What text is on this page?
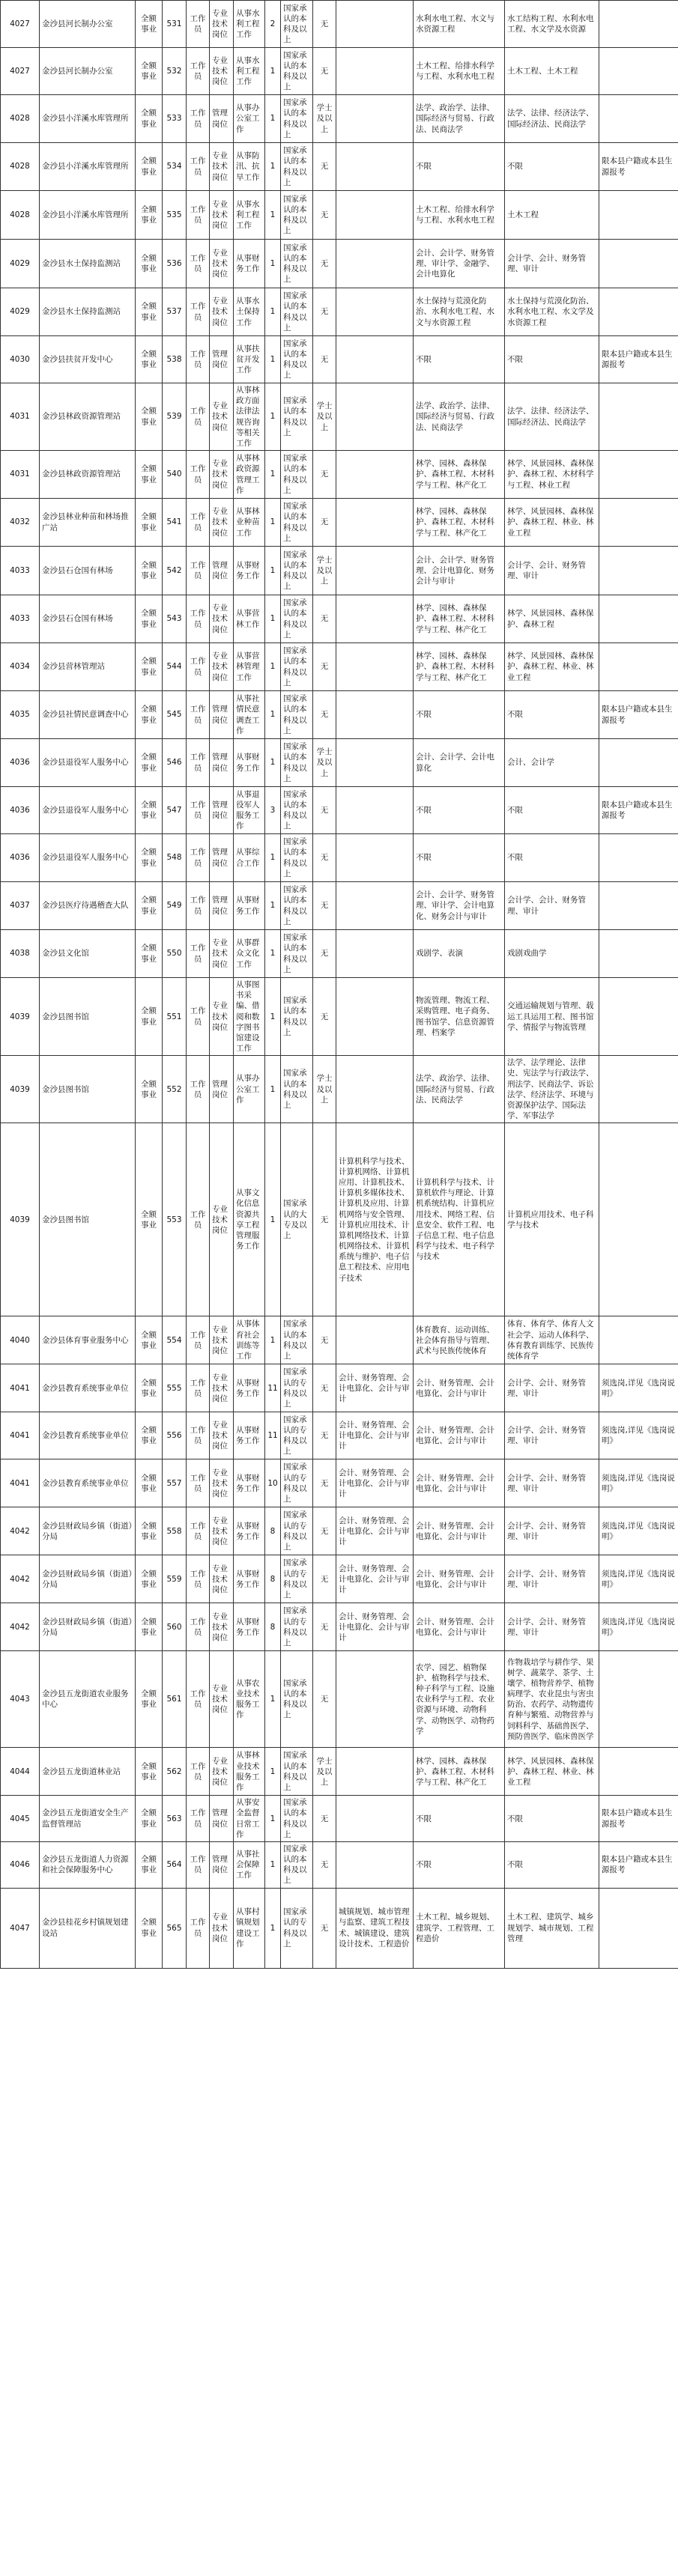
4027	金沙县河长制办公室	全额事业	531	工作员	专业技术岗位	从事水利工程工作	2	国家承认的本科及以上	无		水利水电工程、水文与水资源工程	水工结构工程、水利水电工程、水文学及水资源	
4027	金沙县河长制办公室	全额事业	532	工作员	专业技术岗位	从事水利工程工作	1	国家承认的本科及以上	无		土木工程、给排水科学与工程、水利水电工程	土木工程、土木工程	
4028	金沙县小洋溪水库管理所	全额事业	533	工作员	管理岗位	从事办公室工作	1	国家承认的本科及以上	学士及以上		法学、政治学、法律、国际经济与贸易、行政法、民商法学	法学、法律、经济法学、国际经济法、民商法学	
4028	金沙县小洋溪水库管理所	全额事业	534	工作员	专业技术岗位	从事防汛、抗旱工作	1	国家承认的本科及以上	无		不限	不限	限本县户籍或本县生源报考
4028	金沙县小洋溪水库管理所	全额事业	535	工作员	专业技术岗位	从事水利工程工作	1	国家承认的本科及以上	无		土木工程、给排水科学与工程、水利水电工程	土木工程	
4029	金沙县水土保持监测站	全额事业	536	工作员	专业技术岗位	从事财务工作	1	国家承认的本科及以上	无		会计、会计学、财务管理、审计学、金融学、会计电算化	会计学、会计、财务管理、审计	
4029	金沙县水土保持监测站	全额事业	537	工作员	专业技术岗位	从事水土保持工作	1	国家承认的本科及以上	无		水土保持与荒漠化防治、水利水电工程、水文与水资源工程	水土保持与荒漠化防治、水利水电工程、水文学及水资源工程	
4030	金沙县扶贫开发中心	全额事业	538	工作员	管理岗位	从事扶贫开发工作	1	国家承认的本科及以上	无		不限	不限	限本县户籍或本县生源报考
4031	金沙县林政资源管理站	全额事业	539	工作员	专业技术岗位	从事林政方面法律法规咨询等相关工作	1	国家承认的本科及以上	学士及以上		法学、政治学、法律、国际经济与贸易、行政法、民商法学	法学、法律、经济法学、国际经济法、民商法学	
4031	金沙县林政资源管理站	全额事业	540	工作员	专业技术岗位	从事林政资源管理工作	1	国家承认的本科及以上	无		林学、园林、森林保护、森林工程、木材科学与工程、林产化工	林学、风景园林、森林保护、森林工程、木材科学与工程、林业工程	
4032	金沙县林业种苗和林场推广站	全额事业	541	工作员	专业技术岗位	从事林业种苗工作	1	国家承认的本科及以上	无		林学、园林、森林保护、森林工程、木材科学与工程、林产化工	林学、风景园林、森林保护、森林工程、林业、林业工程	
4033	金沙县石仓国有林场	全额事业	542	工作员	管理岗位	从事财务工作	1	国家承认的本科及以上	学士及以上		会计、会计学、财务管理、会计电算化、财务会计与审计	会计学、会计、财务管理、审计	
4033	金沙县石仓国有林场	全额事业	543	工作员	专业技术岗位	从事营林工作	1	国家承认的本科及以上	无		林学、园林、森林保护、森林工程、木材科学与工程、林产化工	林学、风景园林、森林保护、森林工程	
4034	金沙县营林管理站	全额事业	544	工作员	专业技术岗位	从事营林管理工作	1	国家承认的本科及以上	无		林学、园林、森林保护、森林工程、木材科学与工程、林产化工	林学、风景园林、森林保护、森林工程、林业、林业工程	
4035	金沙县社情民意调查中心	全额事业	545	工作员	管理岗位	从事社情民意调查工作	1	国家承认的本科及以上	无		不限	不限	限本县户籍或本县生源报考
4036	金沙县退役军人服务中心	全额事业	546	工作员	管理岗位	从事财务工作	1	国家承认的本科及以上	学士及以上		会计、会计学、会计电算化	会计、会计学	
4036	金沙县退役军人服务中心	全额事业	547	工作员	管理岗位	从事退役军人服务工作	3	国家承认的本科及以上	无		不限	不限	限本县户籍或本县生源报考
4036	金沙县退役军人服务中心	全额事业	548	工作员	管理岗位	从事综合工作	1	国家承认的本科及以上	无		不限	不限	
4037	金沙县医疗待遇稽查大队	全额事业	549	工作员	管理岗位	从事财务工作	1	国家承认的本科及以上	无		会计、会计学、财务管理、审计学、会计电算化、财务会计与审计	会计学、会计、财务管理、审计	
4038	金沙县文化馆	全额事业	550	工作员	专业技术岗位	从事群众文化工作	1	国家承认的本科及以上	无		戏剧学、表演	戏剧戏曲学	
4039	金沙县图书馆	全额事业	551	工作员	专业技术岗位	从事图书采编、借阅和数字图书馆建设工作	1	国家承认的本科及以上	无		物流管理、物流工程、采购管理、电子商务、图书馆学、信息资源管理、档案学	交通运输规划与管理、载运工具运用工程、图书馆学、情报学与物流管理	
4039	金沙县图书馆	全额事业	552	工作员	管理岗位	从事办公室工作	1	国家承认的本科及以上	学士及以上		法学、政治学、法律、国际经济与贸易、行政法、民商法学	法学、法学理论、法律史、宪法学与行政法学、刑法学、民商法学、诉讼法学、经济法学、环境与资源保护法学、国际法学、军事法学	
4039	金沙县图书馆	全额事业	553	工作员	专业技术岗位	从事文化信息资源共享工程管理服务工作	1	国家承认的大专及以上	无	计算机科学与技术、计算机网络、计算机应用、计算机技术、计算机多媒体技术、计算机及应用、计算机网络与安全管理、计算机应用技术、计算机网络技术、计算机网络技术、计算机系统与维护、电子信息工程技术、应用电子技术	计算机科学与技术、计算机软件与理论、计算机系统结构、计算机应用技术、网络工程、信息安全、软件工程、电子信息工程、电子信息科学与技术、电子科学与技术	计算机应用技术、电子科学与技术	
4040	金沙县体育事业服务中心	全额事业	554	工作员	专业技术岗位	从事体育社会训练等工作	1	国家承认的本科及以上	无		体育教育、运动训练、社会体育指导与管理、武术与民族传统体育	体育、体育学、体育人文社会学、运动人体科学、体育教育训练学、民族传统体育学	
4041	金沙县教育系统事业单位	全额事业	555	工作员	专业技术岗位	从事财务工作	11	国家承认的专科及以上	无	会计、财务管理、会计电算化、会计与审计	会计、财务管理、会计电算化、会计与审计	会计学、会计、财务管理、审计	须选岗,详见《选岗说明》
4041	金沙县教育系统事业单位	全额事业	556	工作员	专业技术岗位	从事财务工作	11	国家承认的专科及以上	无	会计、财务管理、会计电算化、会计与审计	会计、财务管理、会计电算化、会计与审计	会计学、会计、财务管理、审计	须选岗,详见《选岗说明》
4041	金沙县教育系统事业单位	全额事业	557	工作员	专业技术岗位	从事财务工作	10	国家承认的专科及以上	无	会计、财务管理、会计电算化、会计与审计	会计、财务管理、会计电算化、会计与审计	会计学、会计、财务管理、审计	须选岗,详见《选岗说明》
4042	金沙县财政局乡镇（街道）分局	全额事业	558	工作员	专业技术岗位	从事财务工作	8	国家承认的专科及以上	无	会计、财务管理、会计电算化、会计与审计	会计、财务管理、会计电算化、会计与审计	会计学、会计、财务管理、审计	须选岗,详见《选岗说明》
4042	金沙县财政局乡镇（街道）分局	全额事业	559	工作员	专业技术岗位	从事财务工作	8	国家承认的专科及以上	无	会计、财务管理、会计电算化、会计与审计	会计、财务管理、会计电算化、会计与审计	会计学、会计、财务管理、审计	须选岗,详见《选岗说明》
4042	金沙县财政局乡镇（街道）分局	全额事业	560	工作员	专业技术岗位	从事财务工作	8	国家承认的专科及以上	无	会计、财务管理、会计电算化、会计与审计	会计、财务管理、会计电算化、会计与审计	会计学、会计、财务管理、审计	须选岗,详见《选岗说明》
4043	金沙县五龙街道农业服务中心	全额事业	561	工作员	专业技术岗位	从事农业技术服务工作	1	国家承认的本科及以上	无		农学、园艺、植物保护、植物科学与技术、种子科学与工程、设施农业科学与工程、农业资源与环境、动物科学、动物医学、动物药学	作物栽培学与耕作学、果树学、蔬菜学、茶学、土壤学、植物营养学、植物病理学、农业昆虫与害虫防治、农药学、动物遗传育种与繁殖、动物营养与饲料科学、基础兽医学、预防兽医学、临床兽医学	
4044	金沙县五龙街道林业站	全额事业	562	工作员	专业技术岗位	从事林业技术服务工作	1	国家承认的本科及以上	学士及以上		林学、园林、森林保护、森林工程、木材科学与工程、林产化工	林学、风景园林、森林保护、森林工程、林业、林业工程	
4045	金沙县五龙街道安全生产监督管理站	全额事业	563	工作员	管理岗位	从事安全监督日常工作	1	国家承认的本科及以上	无		不限	不限	限本县户籍或本县生源报考
4046	金沙县五龙街道人力资源和社会保障服务中心	全额事业	564	工作员	管理岗位	从事社会保障工作	1	国家承认的本科及以上	无		不限	不限	限本县户籍或本县生源报考
4047	金沙县桂花乡村镇规划建设站	全额事业	565	工作员	专业技术岗位	从事村镇规划建设工作	1	国家承认的专科及以上	无	城镇规划、城市管理与监察、建筑工程技术、城镇建设、建筑设计技术、工程造价	土木工程、城乡规划、建筑学、工程管理、工程造价	土木工程、建筑学、城乡规划学、城市规划、工程管理	
